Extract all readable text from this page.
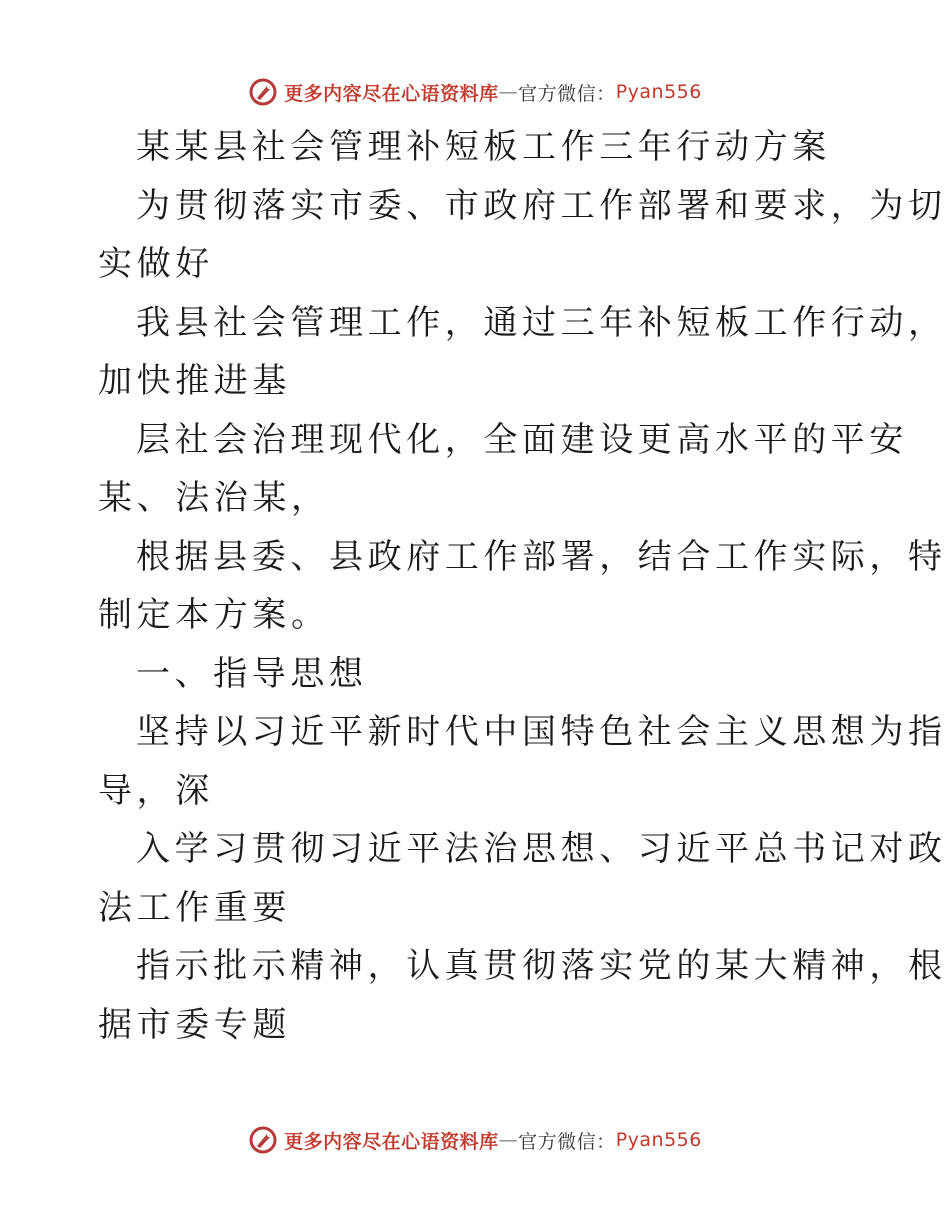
更多内容尽在心语资料库 — 官方微信： Pyan556
某某县社会管理补短板工作三年行动方案
为贯彻落实市委、市政府工作部署和要求，为切
实做好
我县社会管理工作，通过三年补短板工作行动，
加快推进基
层社会治理现代化，全面建设更高水平的平安
某、法治某，
根据县委、县政府工作部署，结合工作实际，特
制定本方案。
一、指导思想
坚持以习近平新时代中国特色社会主义思想为指
导，深
入学习贯彻习近平法治思想、习近平总书记对政
法工作重要
指示批示精神，认真贯彻落实党的某大精神，根
据市委专题
更多内容尽在心语资料库 — 官方微信： Pyan556
